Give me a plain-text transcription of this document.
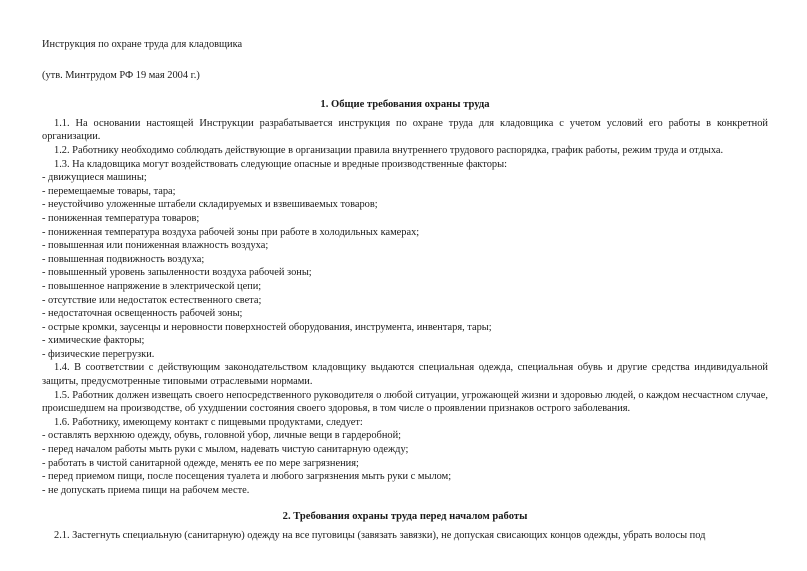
Инструкция по охране труда для кладовщика

(утв. Минтрудом РФ 19 мая 2004 г.)

1. Общие требования охраны труда

1.1. На основании настоящей Инструкции разрабатывается инструкция по охране труда для кладовщика с учетом условий его работы в конкретной организации.

1.2. Работнику необходимо соблюдать действующие в организации правила внутреннего трудового распорядка, график работы, режим труда и отдыха.

1.3. На кладовщика могут воздействовать следующие опасные и вредные производственные факторы:

- движущиеся машины;

- перемещаемые товары, тара;

- неустойчиво уложенные штабели складируемых и взвешиваемых товаров;

- пониженная температура товаров;

- пониженная температура воздуха рабочей зоны при работе в холодильных камерах;

- повышенная или пониженная влажность воздуха;

- повышенная подвижность воздуха;

- повышенный уровень запыленности воздуха рабочей зоны;

- повышенное напряжение в электрической цепи;

- отсутствие или недостаток естественного света;

- недостаточная освещенность рабочей зоны;

- острые кромки, заусенцы и неровности поверхностей оборудования, инструмента, инвентаря, тары;

- химические факторы;

- физические перегрузки.

1.4. В соответствии с действующим законодательством кладовщику выдаются специальная одежда, специальная обувь и другие средства индивидуальной защиты, предусмотренные типовыми отраслевыми нормами.

1.5. Работник должен извещать своего непосредственного руководителя о любой ситуации, угрожающей жизни и здоровью людей, о каждом несчастном случае, происшедшем на производстве, об ухудшении состояния своего здоровья, в том числе о проявлении признаков острого заболевания.

1.6. Работнику, имеющему контакт с пищевыми продуктами, следует:

- оставлять верхнюю одежду, обувь, головной убор, личные вещи в гардеробной;

- перед началом работы мыть руки с мылом, надевать чистую санитарную одежду;

- работать в чистой санитарной одежде, менять ее по мере загрязнения;

- перед приемом пищи, после посещения туалета и любого загрязнения мыть руки с мылом;

- не допускать приема пищи на рабочем месте.

2. Требования охраны труда перед началом работы

2.1. Застегнуть специальную (санитарную) одежду на все пуговицы (завязать завязки), не допуская свисающих концов одежды, убрать волосы под
